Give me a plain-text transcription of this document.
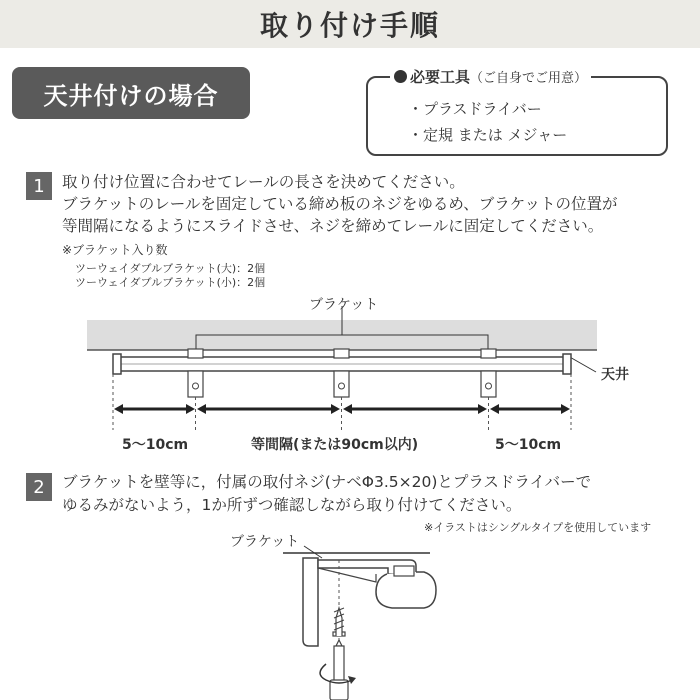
取り付け手順
天井付けの場合
必要工具（ご自身でご用意）
・プラスドライバー
・定規 または メジャー
1	取り付け位置に合わせてレールの長さを決めてください。
ブラケットのレールを固定している締め板のネジをゆるめ、ブラケットの位置が
等間隔になるようにスライドさせ、ネジを締めてレールに固定してください。
※ブラケット入り数
ツーウェイダブルブラケット(大)：2個
ツーウェイダブルブラケット(小)：2個
ブラケット
天井
5～10cm	等間隔(または90cm以内)	5～10cm
2	ブラケットを壁等に，付属の取付ネジ(ナベΦ3.5×20)とプラスドライバーで
ゆるみがないよう，1か所ずつ確認しながら取り付けてください。
※イラストはシングルタイプを使用しています
ブラケット
